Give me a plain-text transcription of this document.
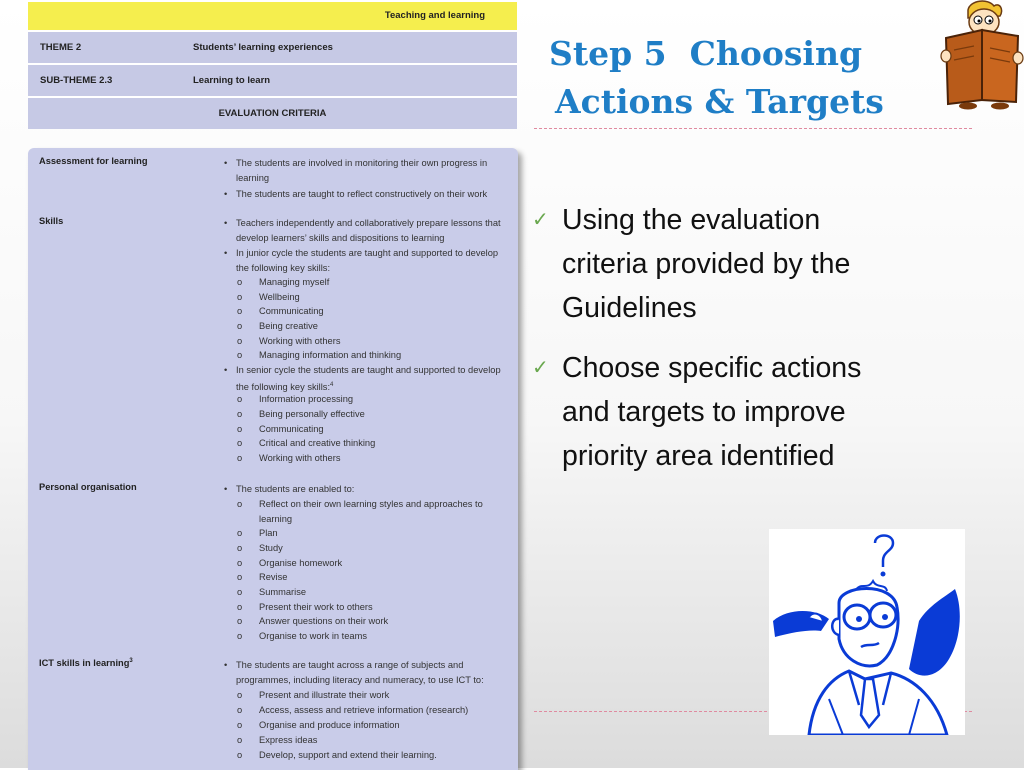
Teaching and learning
THEME 2	Students’ learning experiences
SUB-THEME 2.3	Learning to learn
EVALUATION CRITERIA
Assessment for learning	• The students are involved in monitoring their own progress in learning
• The students are taught to reflect constructively on their work
Skills	• Teachers independently and collaboratively prepare lessons that develop learners’ skills and dispositions to learning
• In junior cycle the students are taught and supported to develop the following key skills:
o Managing myself
o Wellbeing
o Communicating
o Being creative
o Working with others
o Managing information and thinking
• In senior cycle the students are taught and supported to develop the following key skills:$^4$
o Information processing
o Being personally effective
o Communicating
o Critical and creative thinking
o Working with others
Personal organisation	• The students are enabled to:
o Reflect on their own learning styles and approaches to learning
o Plan
o Study
o Organise homework
o Revise
o Summarise
o Present their work to others
o Answer questions on their work
o Organise to work in teams
ICT skills in learning$^3$	• The students are taught across a range of subjects and programmes, including literacy and numeracy, to use ICT to:
o Present and illustrate their work
o Access, assess and retrieve information (research)
o Organise and produce information
o Express ideas
o Develop, support and extend their learning.
Step 5  Choosing
Actions & Targets
✓ Using the evaluation criteria provided by the Guidelines
✓ Choose specific actions and targets to improve priority area identified
